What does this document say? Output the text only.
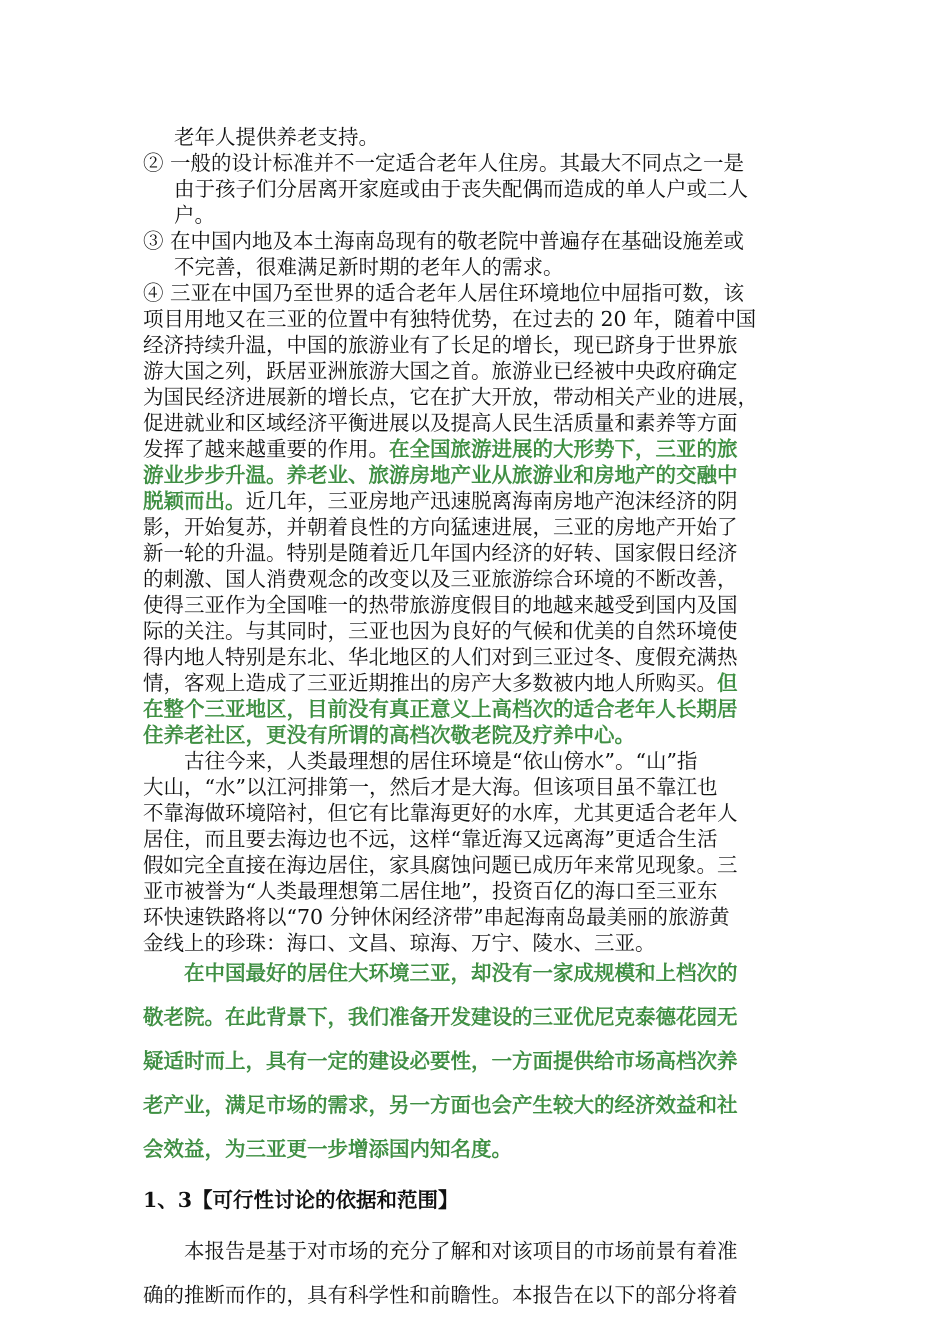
老年人提供养老支持。
② 一般的设计标准并不一定适合老年人住房。其最大不同点之一是
由于孩子们分居离开家庭或由于丧失配偶而造成的单人户或二人
户。
③ 在中国内地及本土海南岛现有的敬老院中普遍存在基础设施差或
不完善，很难满足新时期的老年人的需求。
④ 三亚在中国乃至世界的适合老年人居住环境地位中屈指可数，该
项目用地又在三亚的位置中有独特优势，在过去的 20 年，随着中国
经济持续升温，中国的旅游业有了长足的增长，现已跻身于世界旅
游大国之列，跃居亚洲旅游大国之首。旅游业已经被中央政府确定
为国民经济进展新的增长点，它在扩大开放，带动相关产业的进展，
促进就业和区域经济平衡进展以及提高人民生活质量和素养等方面
发挥了越来越重要的作用。在全国旅游进展的大形势下，三亚的旅
游业步步升温。养老业、旅游房地产业从旅游业和房地产的交融中
脱颖而出。近几年，三亚房地产迅速脱离海南房地产泡沫经济的阴
影，开始复苏，并朝着良性的方向猛速进展，三亚的房地产开始了
新一轮的升温。特别是随着近几年国内经济的好转、国家假日经济
的刺激、国人消费观念的改变以及三亚旅游综合环境的不断改善，
使得三亚作为全国唯一的热带旅游度假目的地越来越受到国内及国
际的关注。与其同时，三亚也因为良好的气候和优美的自然环境使
得内地人特别是东北、华北地区的人们对到三亚过冬、度假充满热
情，客观上造成了三亚近期推出的房产大多数被内地人所购买。但
在整个三亚地区，目前没有真正意义上高档次的适合老年人长期居
住养老社区，更没有所谓的高档次敬老院及疗养中心。
古往今来，人类最理想的居住环境是“依山傍水”。“山”指
大山，“水”以江河排第一，然后才是大海。但该项目虽不靠江也
不靠海做环境陪衬，但它有比靠海更好的水库，尤其更适合老年人
居住，而且要去海边也不远，这样“靠近海又远离海”更适合生活
假如完全直接在海边居住，家具腐蚀问题已成历年来常见现象。三
亚市被誉为“人类最理想第二居住地”，投资百亿的海口至三亚东
环快速铁路将以“70 分钟休闲经济带”串起海南岛最美丽的旅游黄
金线上的珍珠：海口、文昌、琼海、万宁、陵水、三亚。
在中国最好的居住大环境三亚，却没有一家成规模和上档次的
敬老院。在此背景下，我们准备开发建设的三亚优尼克泰德花园无
疑适时而上，具有一定的建设必要性，一方面提供给市场高档次养
老产业，满足市场的需求，另一方面也会产生较大的经济效益和社
会效益，为三亚更一步增添国内知名度。
1、3【可行性讨论的依据和范围】
本报告是基于对市场的充分了解和对该项目的市场前景有着准
确的推断而作的，具有科学性和前瞻性。本报告在以下的部分将着
